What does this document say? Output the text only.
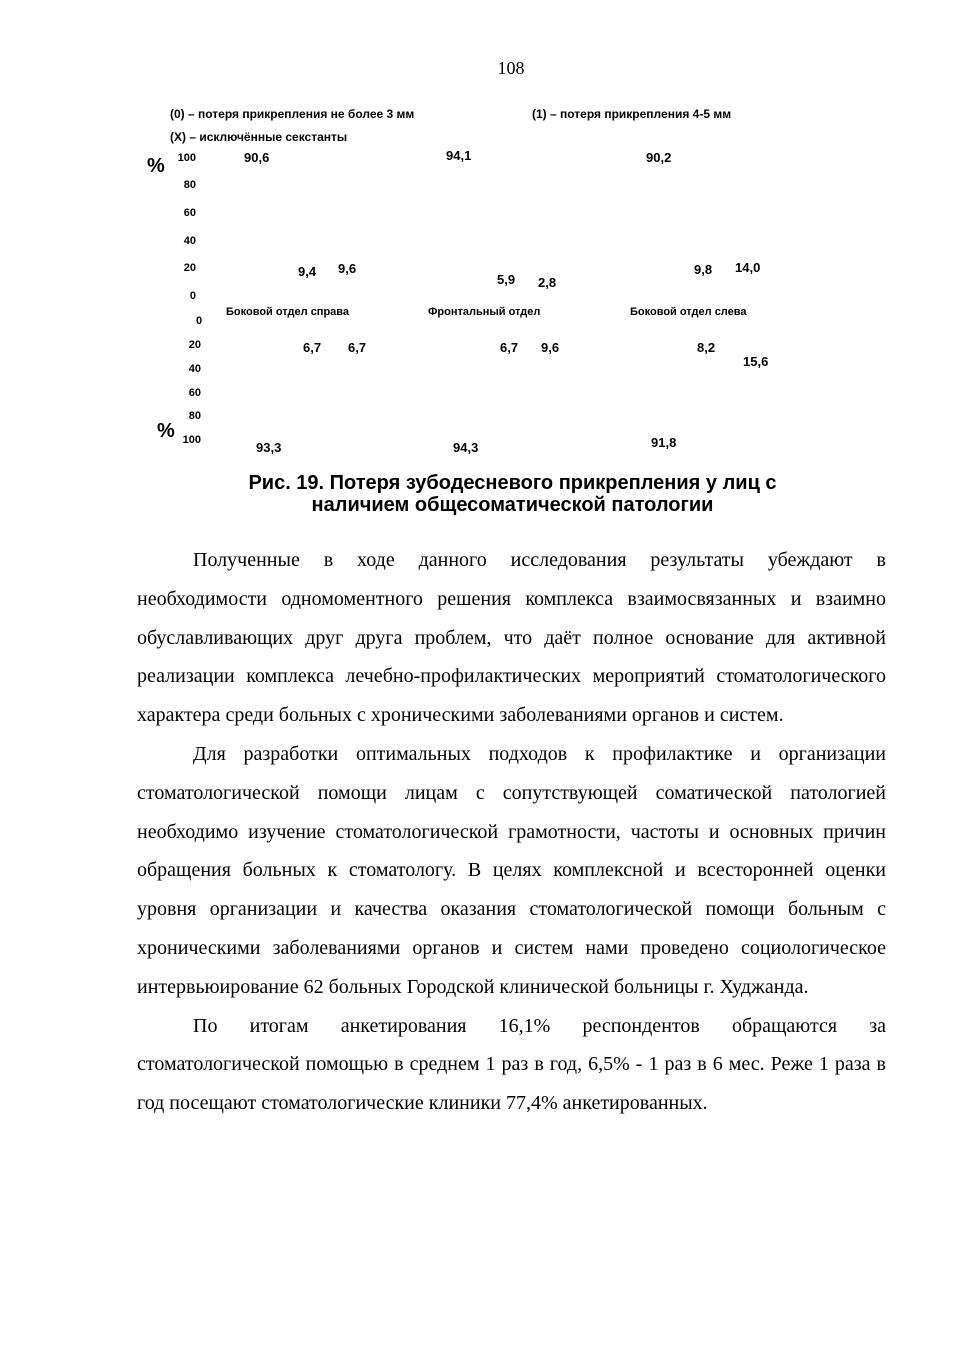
108
(0) – потеря прикрепления не более 3 мм	(1) – потеря прикрепления 4-5 мм
(X) – исключённые секстанты
%
%
100
80
60
40
20
0
0
20
40
60
80
100
Боковой отдел справа	Фронтальный отдел	Боковой отдел слева
90,6
9,4 9,6
94,1
5,9 2,8
90,2
9,8 14,0
93,3
6,7 6,7
94,3
6,7 9,6
91,8
8,2
15,6
Рис. 19. Потеря зубодесневого прикрепления у лиц с
наличием общесоматической патологии

Полученные в ходе данного исследования результаты убеждают в необходимости одномоментного решения комплекса взаимосвязанных и взаимно обуславливающих друг друга проблем, что даёт полное основание для активной реализации комплекса лечебно-профилактических мероприятий стоматологического характера среди больных с хроническими заболеваниями органов и систем.

Для разработки оптимальных подходов к профилактике и организации стоматологической помощи лицам с сопутствующей соматической патологией необходимо изучение стоматологической грамотности, частоты и основных причин обращения больных к стоматологу. В целях комплексной и всесторонней оценки уровня организации и качества оказания стоматологической помощи больным с хроническими заболеваниями органов и систем нами проведено социологическое интервьюирование 62 больных Городской клинической больницы г. Худжанда.

По итогам анкетирования 16,1% респондентов обращаются за стоматологической помощью в среднем 1 раз в год, 6,5% - 1 раз в 6 мес. Реже 1 раза в год посещают стоматологические клиники 77,4% анкетированных.
